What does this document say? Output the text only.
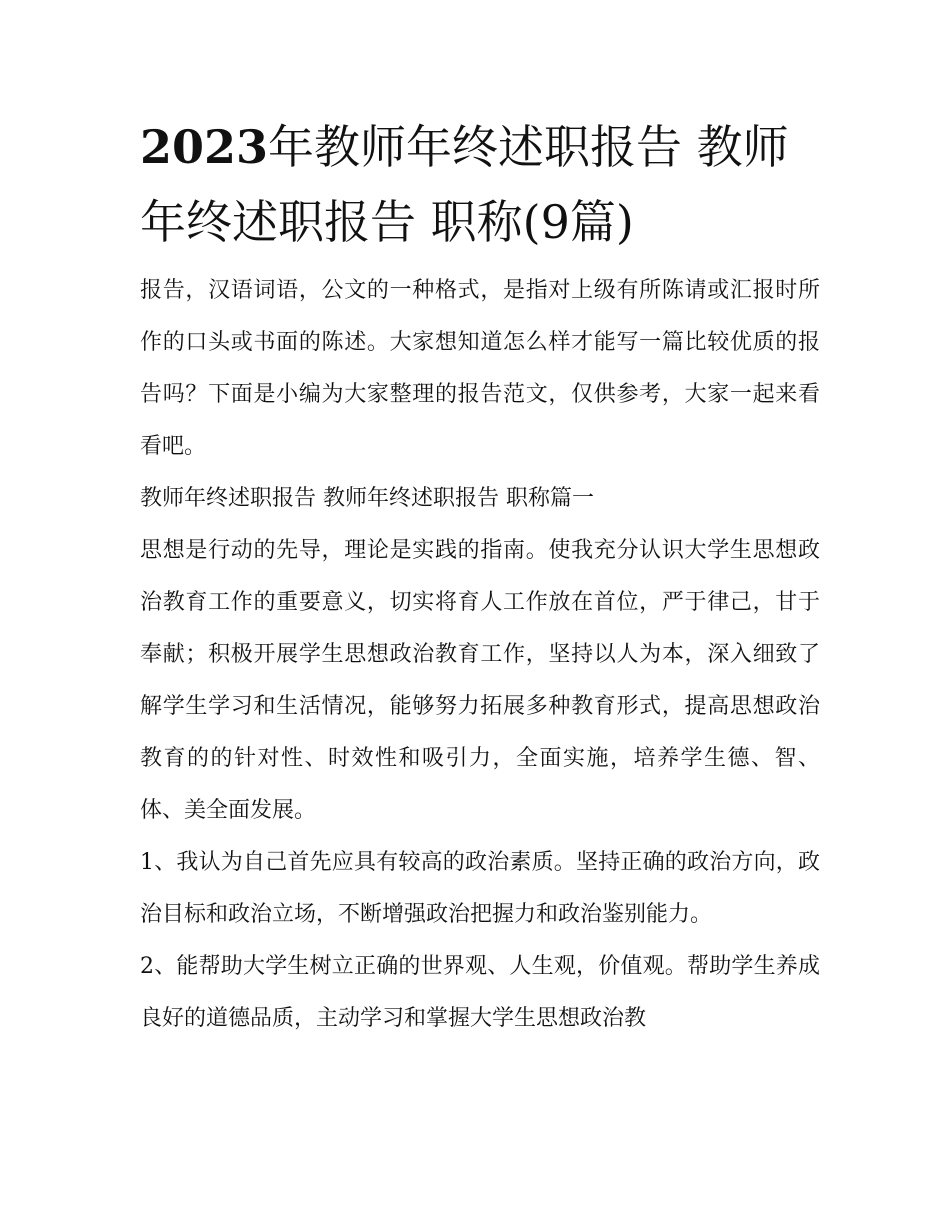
2023年教师年终述职报告 教师年终述职报告 职称(9篇)

报告，汉语词语，公文的一种格式，是指对上级有所陈请或汇报时所作的口头或书面的陈述。大家想知道怎么样才能写一篇比较优质的报告吗？下面是小编为大家整理的报告范文，仅供参考，大家一起来看看吧。

教师年终述职报告 教师年终述职报告 职称篇一

思想是行动的先导，理论是实践的指南。使我充分认识大学生思想政治教育工作的重要意义，切实将育人工作放在首位，严于律己，甘于奉献；积极开展学生思想政治教育工作，坚持以人为本，深入细致了解学生学习和生活情况，能够努力拓展多种教育形式，提高思想政治教育的的针对性、时效性和吸引力，全面实施，培养学生德、智、体、美全面发展。

1、我认为自己首先应具有较高的政治素质。坚持正确的政治方向，政治目标和政治立场，不断增强政治把握力和政治鉴别能力。

2、能帮助大学生树立正确的世界观、人生观，价值观。帮助学生养成良好的道德品质，主动学习和掌握大学生思想政治教
